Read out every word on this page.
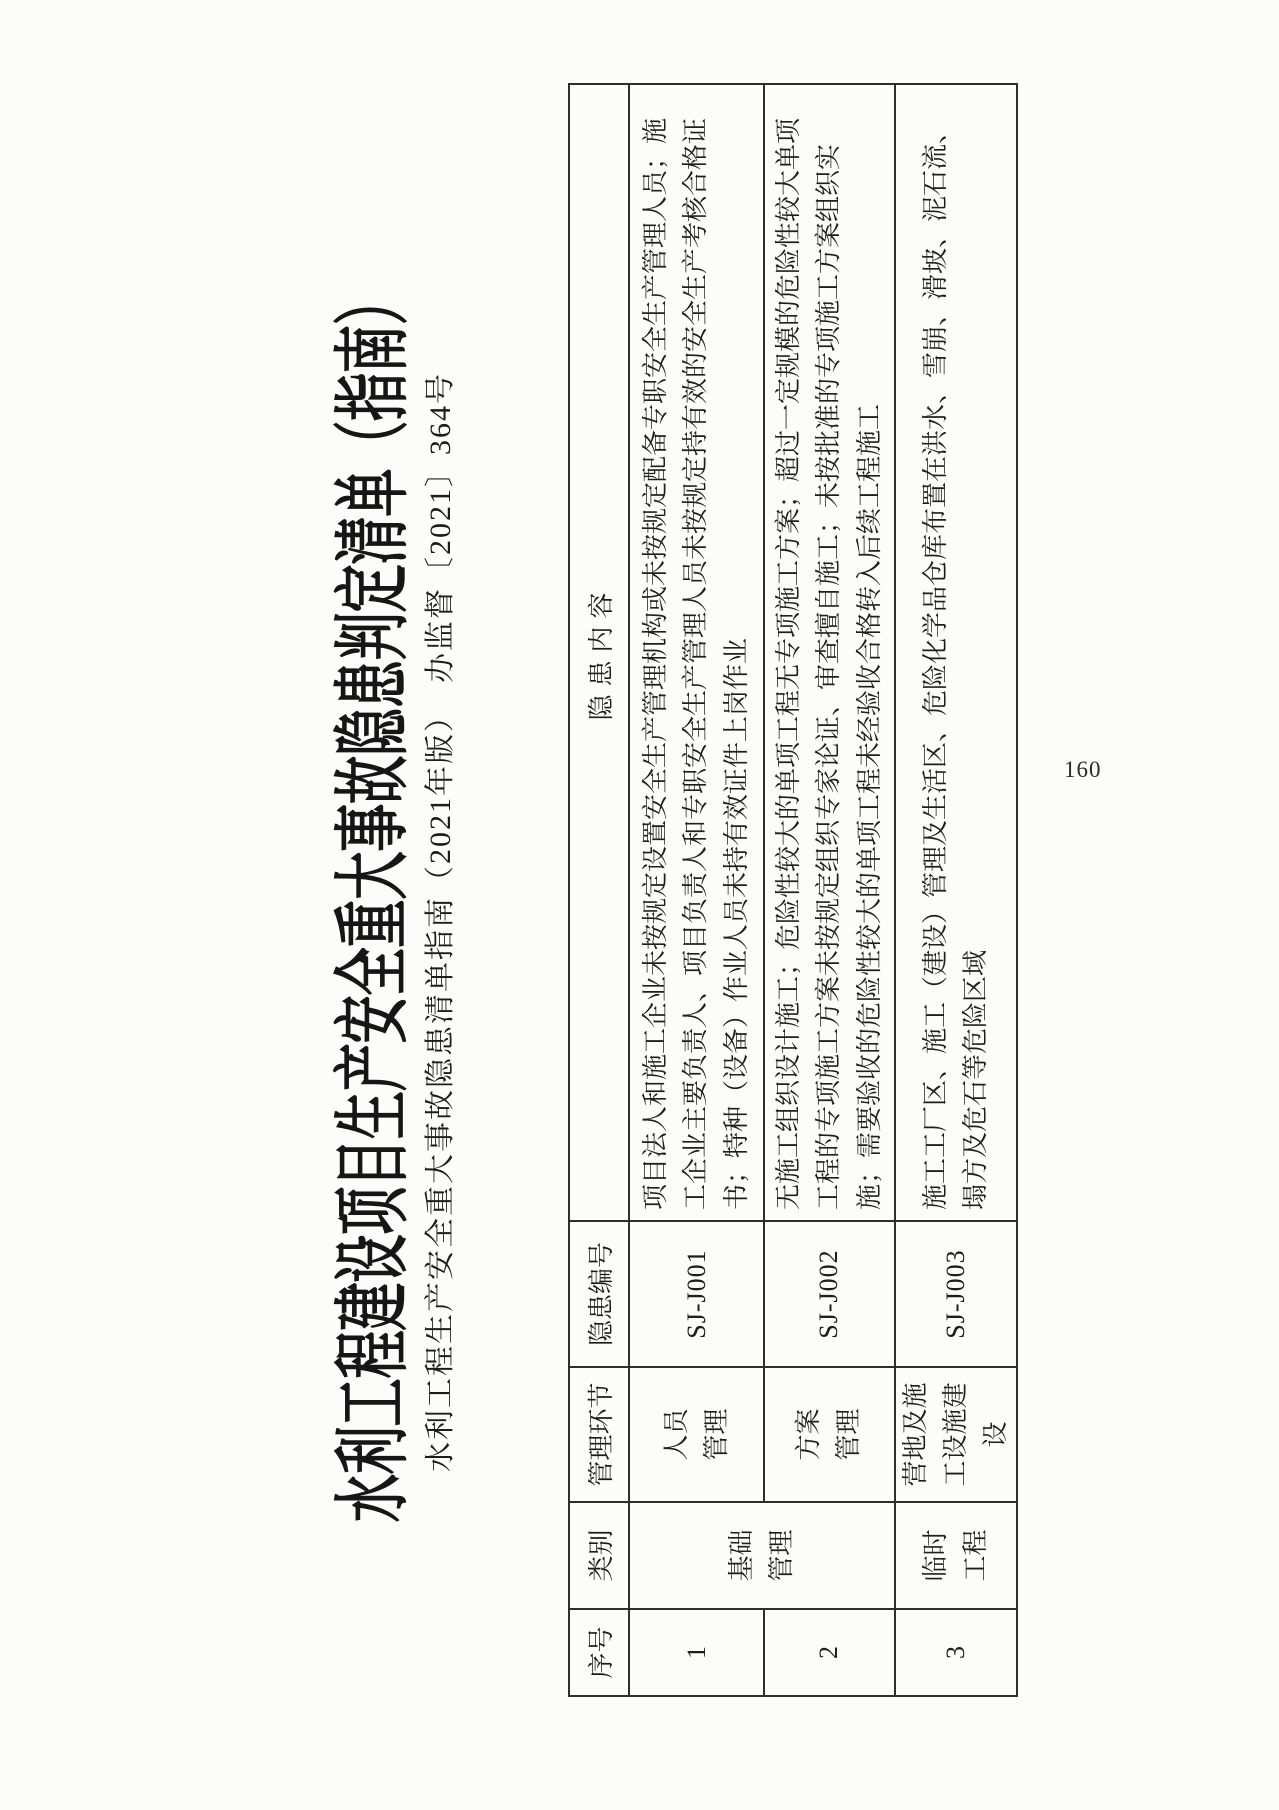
水利工程建设项目生产安全重大事故隐患判定清单（指南） 水利工程生产安全重大事故隐患清单指南（2021年版）　办监督〔2021〕364号
序号	类别	管理环节	隐患编号	隐患内容
1	基础管理	人员管理	SJ-J001	项目法人和施工企业未按规定设置安全生产管理机构或未按规定配备专职安全生产管理人员；施工企业主要负责人、项目负责人和专职安全生产管理人员未按规定持有效的安全生产考核合格证书；特种（设备）作业人员未持有效证件上岗作业
2		方案管理	SJ-J002	无施工组织设计施工；危险性较大的单项工程无专项施工方案；超过一定规模的危险性较大单项工程的专项施工方案未按规定组织专家论证、审查擅自施工；未按批准的专项施工方案组织实施；需要验收的危险性较大的单项工程未经验收合格转入后续工程施工
3	临时工程	营地及施工设施建设	SJ-J003	施工工厂区、施工（建设）管理及生活区、危险化学品仓库布置在洪水、雪崩、滑坡、泥石流、塌方及危石等危险区域
160
